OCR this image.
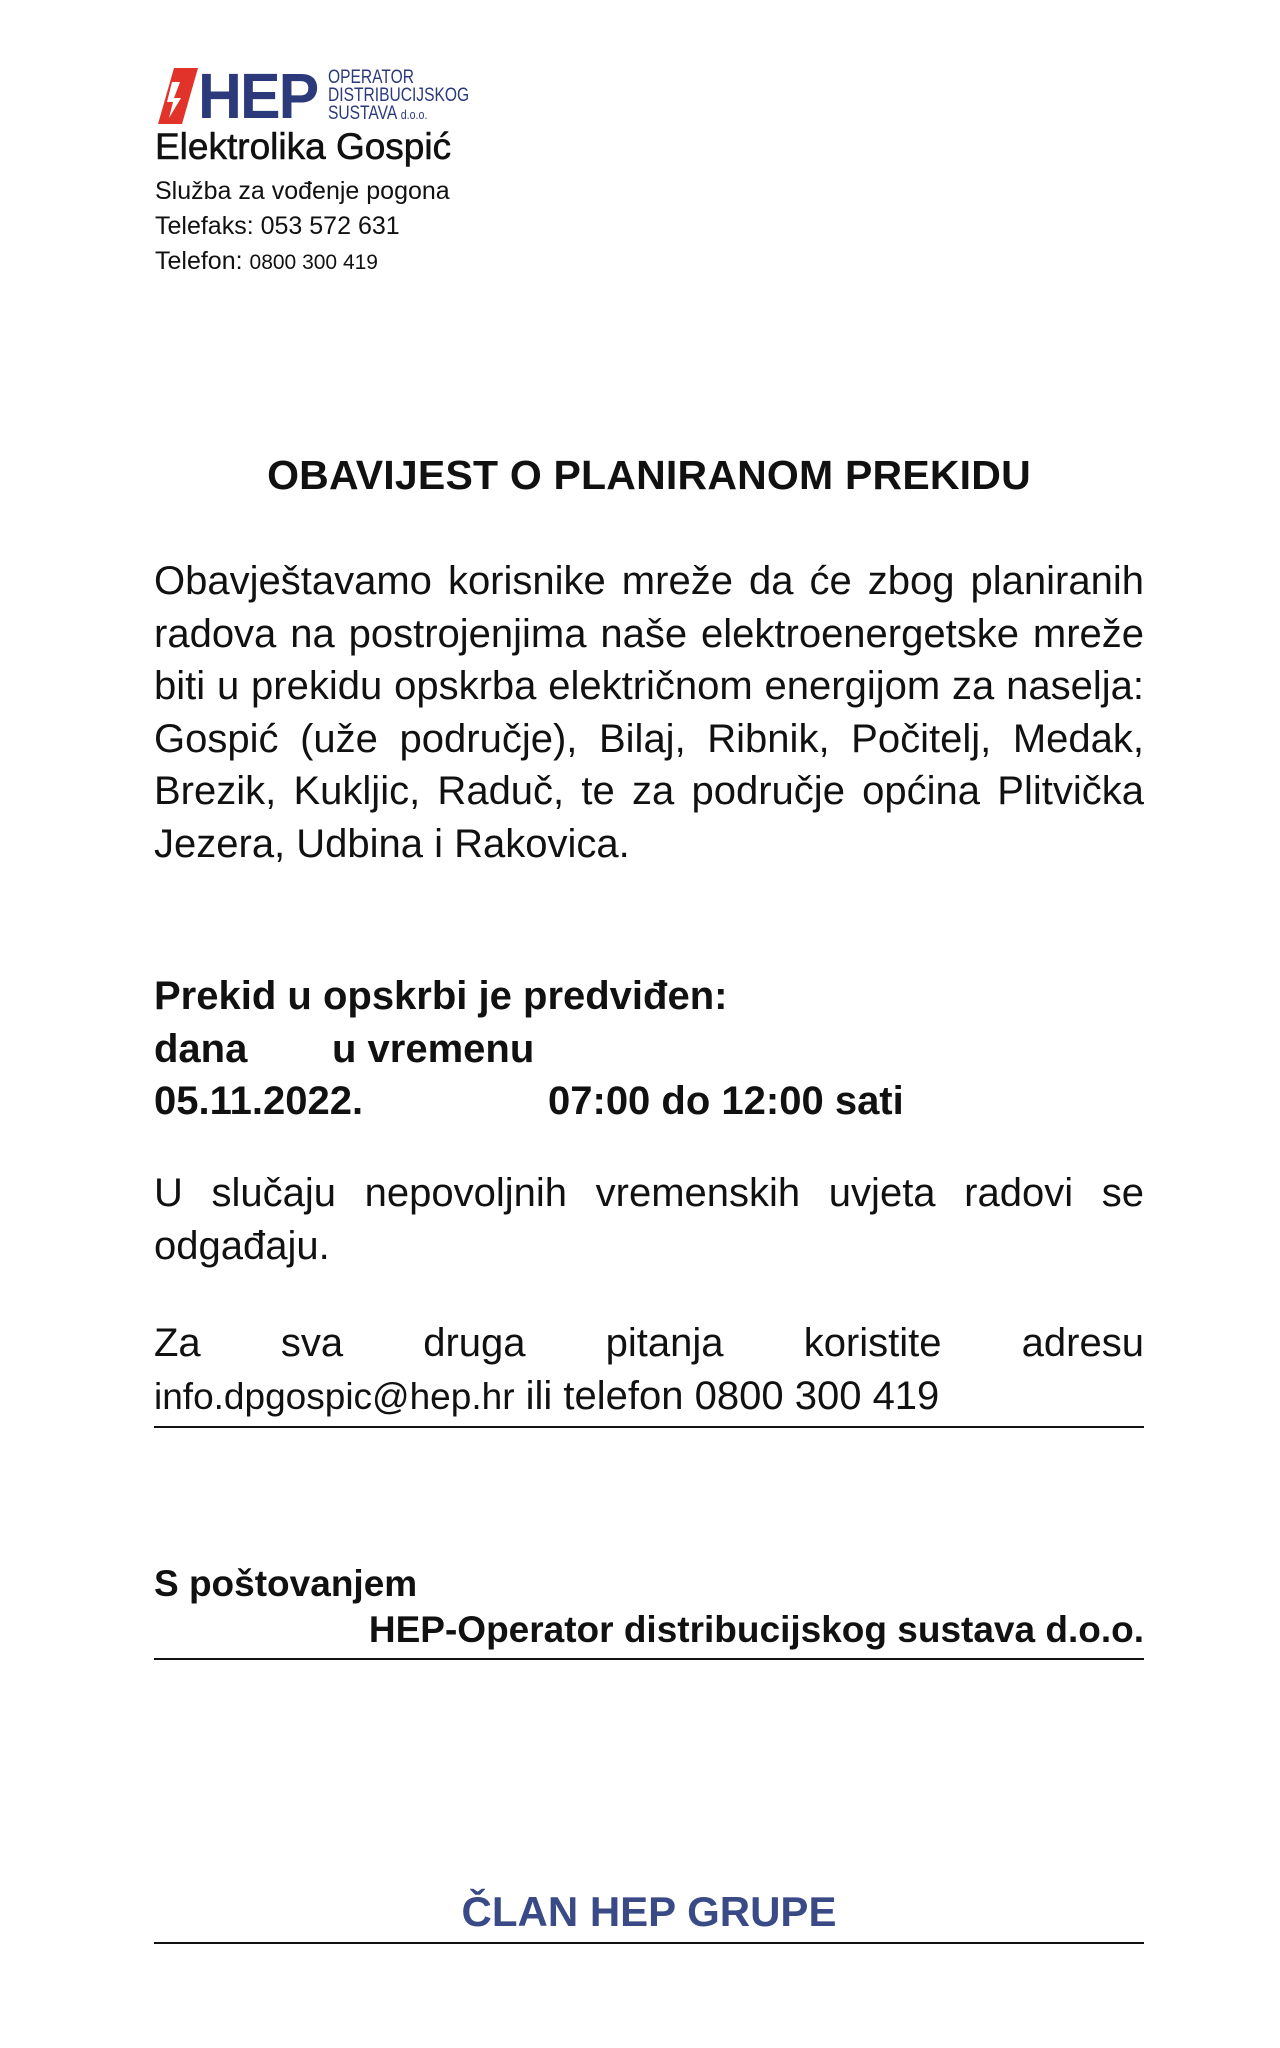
HEP OPERATOR
DISTRIBUCIJSKOG
SUSTAVA d.o.o.
Elektrolika Gospić
Služba za vođenje pogona
Telefaks: 053 572 631
Telefon: 0800 300 419
OBAVIJEST O PLANIRANOM PREKIDU
Obavještavamo korisnike mreže da će zbog planiranih radova na postrojenjima naše elektroenergetske mreže biti u prekidu opskrba električnom energijom za naselja: Gospić (uže područje), Bilaj, Ribnik, Počitelj, Medak, Brezik, Kukljic, Raduč, te za područje općina Plitvička Jezera, Udbina i Rakovica.
Prekid u opskrbi je predviđen:
dana u vremenu
05.11.2022.	07:00 do 12:00 sati
U slučaju nepovoljnih vremenskih uvjeta radovi se odgađaju.
Za sva druga pitanja koristite adresu
info.dpgospic@hep.hr ili telefon 0800 300 419
S poštovanjem
HEP-Operator distribucijskog sustava d.o.o.
ČLAN HEP GRUPE
